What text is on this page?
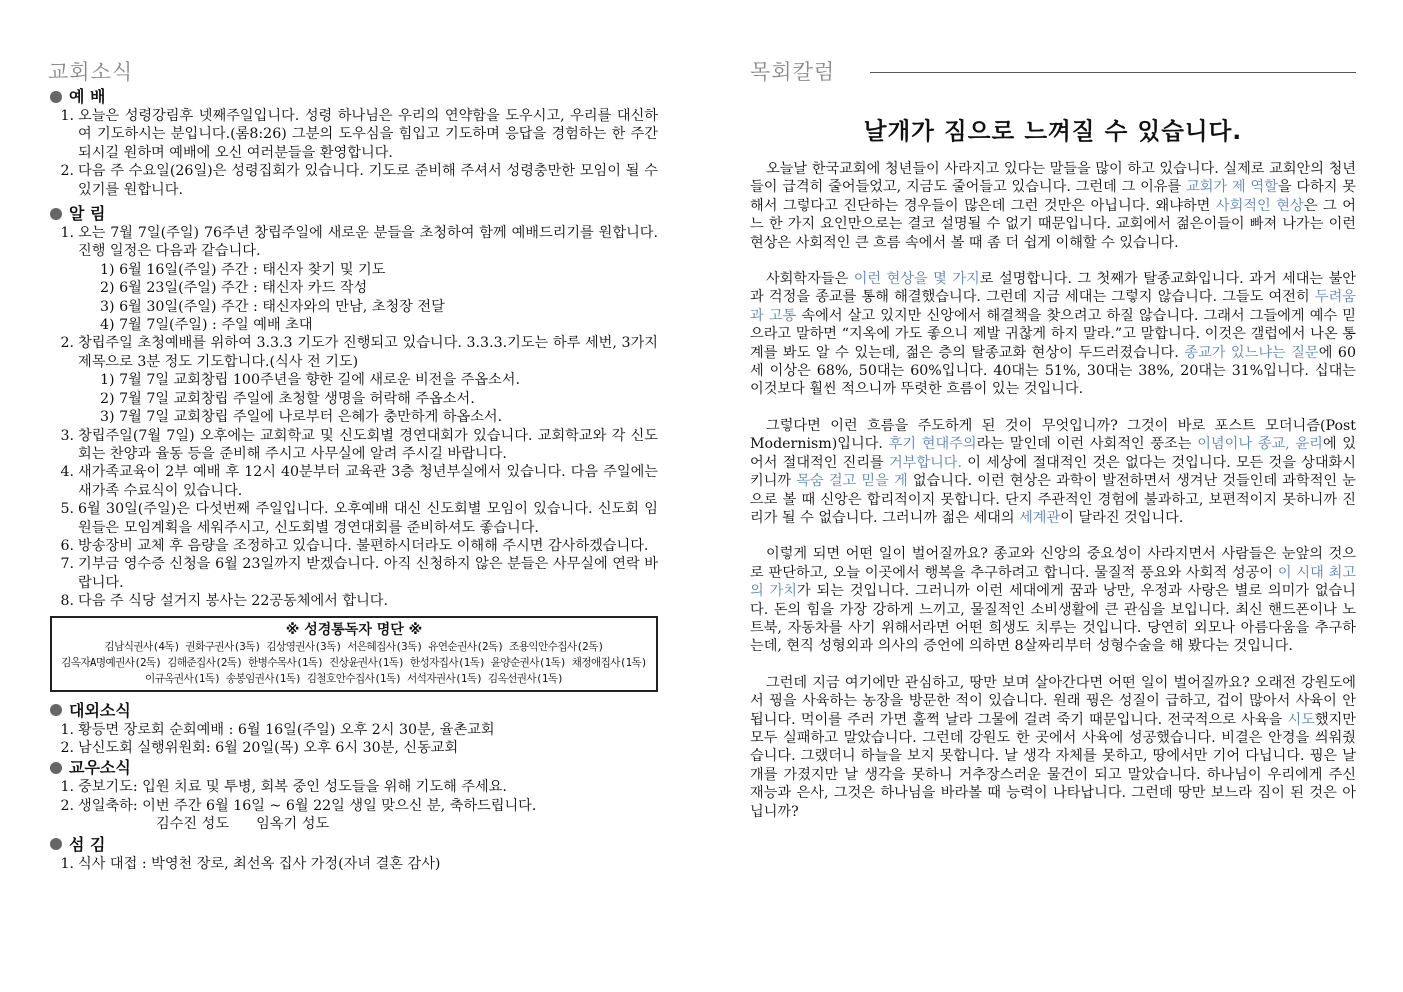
교회소식
예 배
1. 오늘은 성령강림후 넷째주일입니다. 성령 하나님은 우리의 연약함을 도우시고, 우리를 대신하여 기도하시는 분입니다.(롬8:26) 그분의 도우심을 힘입고 기도하며 응답을 경험하는 한 주간 되시길 원하며 예배에 오신 여러분들을 환영합니다.
2. 다음 주 수요일(26일)은 성령집회가 있습니다. 기도로 준비해 주셔서 성령충만한 모임이 될 수 있기를 원합니다.
알 림
1. 오는 7월 7일(주일) 76주년 창립주일에 새로운 분들을 초청하여 함께 예배드리기를 원합니다. 진행 일정은 다음과 같습니다.
1) 6월 16일(주일) 주간 : 태신자 찾기 및 기도
2) 6월 23일(주일) 주간 : 태신자 카드 작성
3) 6월 30일(주일) 주간 : 태신자와의 만남, 초청장 전달
4) 7월 7일(주일) : 주일 예배 초대
2. 창립주일 초청예배를 위하여 3.3.3 기도가 진행되고 있습니다. 3.3.3.기도는 하루 세번, 3가지 제목으로 3분 정도 기도합니다.(식사 전 기도)
1) 7월 7일 교회창립 100주년을 향한 길에 새로운 비전을 주옵소서.
2) 7월 7일 교회창립 주일에 초청할 생명을 허락해 주옵소서.
3) 7월 7일 교회창립 주일에 나로부터 은혜가 충만하게 하옵소서.
3. 창립주일(7월 7일) 오후에는 교회학교 및 신도회별 경연대회가 있습니다. 교회학교와 각 신도회는 찬양과 율동 등을 준비해 주시고 사무실에 알려 주시길 바랍니다.
4. 새가족교육이 2부 예배 후 12시 40분부터 교육관 3층 청년부실에서 있습니다. 다음 주일에는 새가족 수료식이 있습니다.
5. 6월 30일(주일)은 다섯번째 주일입니다. 오후예배 대신 신도회별 모임이 있습니다. 신도회 임원들은 모임계획을 세워주시고, 신도회별 경연대회를 준비하셔도 좋습니다.
6. 방송장비 교체 후 음량을 조정하고 있습니다. 불편하시더라도 이해해 주시면 감사하겠습니다.
7. 기부금 영수증 신청을 6월 23일까지 받겠습니다. 아직 신청하지 않은 분들은 사무실에 연락 바랍니다.
8. 다음 주 식당 설거지 봉사는 22공동체에서 합니다.
※ 성경통독자 명단 ※
김남식권사(4독) 권화구권사(3독) 김상영권사(3독) 서은혜집사(3독) 유연순권사(2독) 조용익안수집사(2독)
김옥자A명예권사(2독) 김해준집사(2독) 한병수목사(1독) 진상윤권사(1독) 한성자집사(1독) 윤양순권사(1독) 채정애집사(1독)
이규옥권사(1독) 송봉임권사(1독) 김철호안수집사(1독) 서석자권사(1독) 김옥선권사(1독)
대외소식
1. 황등면 장로회 순회예배 : 6월 16일(주일) 오후 2시 30분, 율촌교회
2. 남신도회 실행위원회: 6월 20일(목) 오후 6시 30분, 신동교회
교우소식
1. 중보기도: 입원 치료 및 투병, 회복 중인 성도들을 위해 기도해 주세요.
2. 생일축하: 이번 주간 6월 16일 ~ 6월 22일 생일 맞으신 분, 축하드립니다.
김수진 성도      임옥기 성도
섬 김
1. 식사 대접 : 박영천 장로, 최선옥 집사 가정(자녀 결혼 감사)
목회칼럼
날개가 짐으로 느껴질 수 있습니다.

오늘날 한국교회에 청년들이 사라지고 있다는 말들을 많이 하고 있습니다. 실제로 교회안의 청년들이 급격히 줄어들었고, 지금도 줄어들고 있습니다. 그런데 그 이유를 교회가 제 역할을 다하지 못해서 그렇다고 진단하는 경우들이 많은데 그런 것만은 아닙니다. 왜냐하면 사회적인 현상은 그 어느 한 가지 요인만으로는 결코 설명될 수 없기 때문입니다. 교회에서 젊은이들이 빠져 나가는 이런 현상은 사회적인 큰 흐름 속에서 볼 때 좀 더 쉽게 이해할 수 있습니다.

사회학자들은 이런 현상을 몇 가지로 설명합니다. 그 첫째가 탈종교화입니다. 과거 세대는 불안과 걱정을 종교를 통해 해결했습니다. 그런데 지금 세대는 그렇지 않습니다. 그들도 여전히 두려움과 고통 속에서 살고 있지만 신앙에서 해결책을 찾으려고 하질 않습니다. 그래서 그들에게 예수 믿으라고 말하면 “지옥에 가도 좋으니 제발 귀찮게 하지 말라.”고 말합니다. 이것은 갤럽에서 나온 통계를 봐도 알 수 있는데, 젊은 층의 탈종교화 현상이 두드러졌습니다. 종교가 있느냐는 질문에 60세 이상은 68%, 50대는 60%입니다. 40대는 51%, 30대는 38%, 20대는 31%입니다. 십대는 이것보다 훨씬 적으니까 뚜렷한 흐름이 있는 것입니다.

그렇다면 이런 흐름을 주도하게 된 것이 무엇입니까? 그것이 바로 포스트 모더니즘(Post Modernism)입니다. 후기 현대주의라는 말인데 이런 사회적인 풍조는 이념이나 종교, 윤리에 있어서 절대적인 진리를 거부합니다. 이 세상에 절대적인 것은 없다는 것입니다. 모든 것을 상대화시키니까 목숨 걸고 믿을 게 없습니다. 이런 현상은 과학이 발전하면서 생겨난 것들인데 과학적인 눈으로 볼 때 신앙은 합리적이지 못합니다. 단지 주관적인 경험에 불과하고, 보편적이지 못하니까 진리가 될 수 없습니다. 그러니까 젊은 세대의 세계관이 달라진 것입니다.

이렇게 되면 어떤 일이 벌어질까요? 종교와 신앙의 중요성이 사라지면서 사람들은 눈앞의 것으로 판단하고, 오늘 이곳에서 행복을 추구하려고 합니다. 물질적 풍요와 사회적 성공이 이 시대 최고의 가치가 되는 것입니다. 그러니까 이런 세대에게 꿈과 낭만, 우정과 사랑은 별로 의미가 없습니다. 돈의 힘을 가장 강하게 느끼고, 물질적인 소비생활에 큰 관심을 보입니다. 최신 핸드폰이나 노트북, 자동차를 사기 위해서라면 어떤 희생도 치루는 것입니다. 당연히 외모나 아름다움을 추구하는데, 현직 성형외과 의사의 증언에 의하면 8살짜리부터 성형수술을 해 봤다는 것입니다.

그런데 지금 여기에만 관심하고, 땅만 보며 살아간다면 어떤 일이 벌어질까요? 오래전 강원도에서 꿩을 사육하는 농장을 방문한 적이 있습니다. 원래 꿩은 성질이 급하고, 겁이 많아서 사육이 안 됩니다. 먹이를 주러 가면 훌쩍 날라 그물에 걸려 죽기 때문입니다. 전국적으로 사육을 시도했지만 모두 실패하고 말았습니다. 그런데 강원도 한 곳에서 사육에 성공했습니다. 비결은 안경을 씌워줬습니다. 그랬더니 하늘을 보지 못합니다. 날 생각 자체를 못하고, 땅에서만 기어 다닙니다. 꿩은 날개를 가졌지만 날 생각을 못하니 거추장스러운 물건이 되고 말았습니다. 하나님이 우리에게 주신 재능과 은사, 그것은 하나님을 바라볼 때 능력이 나타납니다. 그런데 땅만 보느라 짐이 된 것은 아닙니까?
